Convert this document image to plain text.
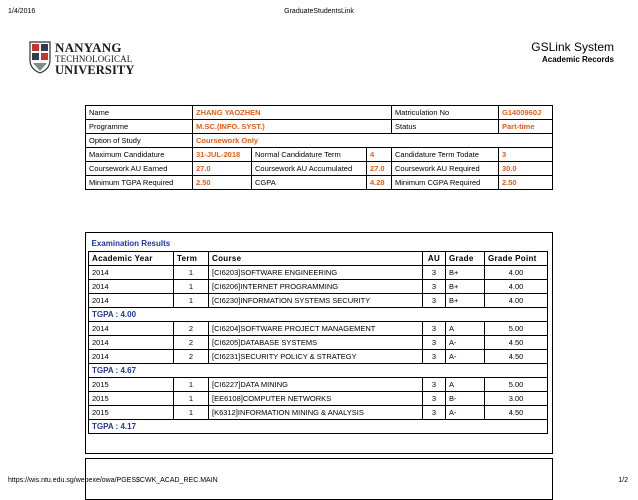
1/4/2016	GraduateStudentsLink
NANYANG
TECHNOLOGICAL
UNIVERSITY
GSLink System
Academic Records
Name	ZHANG YAOZHEN			Matriculation No	G1400960J
Programme	M.SC.(INFO. SYST.)			Status	Part-time
Option of Study	Coursework Only				
Maximum Candidature	31-JUL-2018	Normal Candidature Term	4	Candidature Term Todate	3
Coursework AU Earned	27.0	Coursework AU Accumulated	27.0	Coursework AU Required	30.0
Minimum TGPA Required	2.50	CGPA	4.28	Minimum CGPA Required	2.50
Examination Results					
Academic Year	Term	Course	AU	Grade	Grade Point
2014	1	[CI6203]SOFTWARE ENGINEERING	3	B+	4.00
2014	1	[CI6206]INTERNET PROGRAMMING	3	B+	4.00
2014	1	[CI6230]INFORMATION SYSTEMS SECURITY	3	B+	4.00
TGPA : 4.00					
2014	2	[CI6204]SOFTWARE PROJECT MANAGEMENT	3	A	5.00
2014	2	[CI6205]DATABASE SYSTEMS	3	A-	4.50
2014	2	[CI6231]SECURITY POLICY & STRATEGY	3	A-	4.50
TGPA : 4.67					
2015	1	[CI6227]DATA MINING	3	A	5.00
2015	1	[EE6108]COMPUTER NETWORKS	3	B-	3.00
2015	1	[K6312]INFORMATION MINING & ANALYSIS	3	A-	4.50
TGPA : 4.17					
https://wis.ntu.edu.sg/webexe/owa/PGES$CWK_ACAD_REC.MAIN	1/2
